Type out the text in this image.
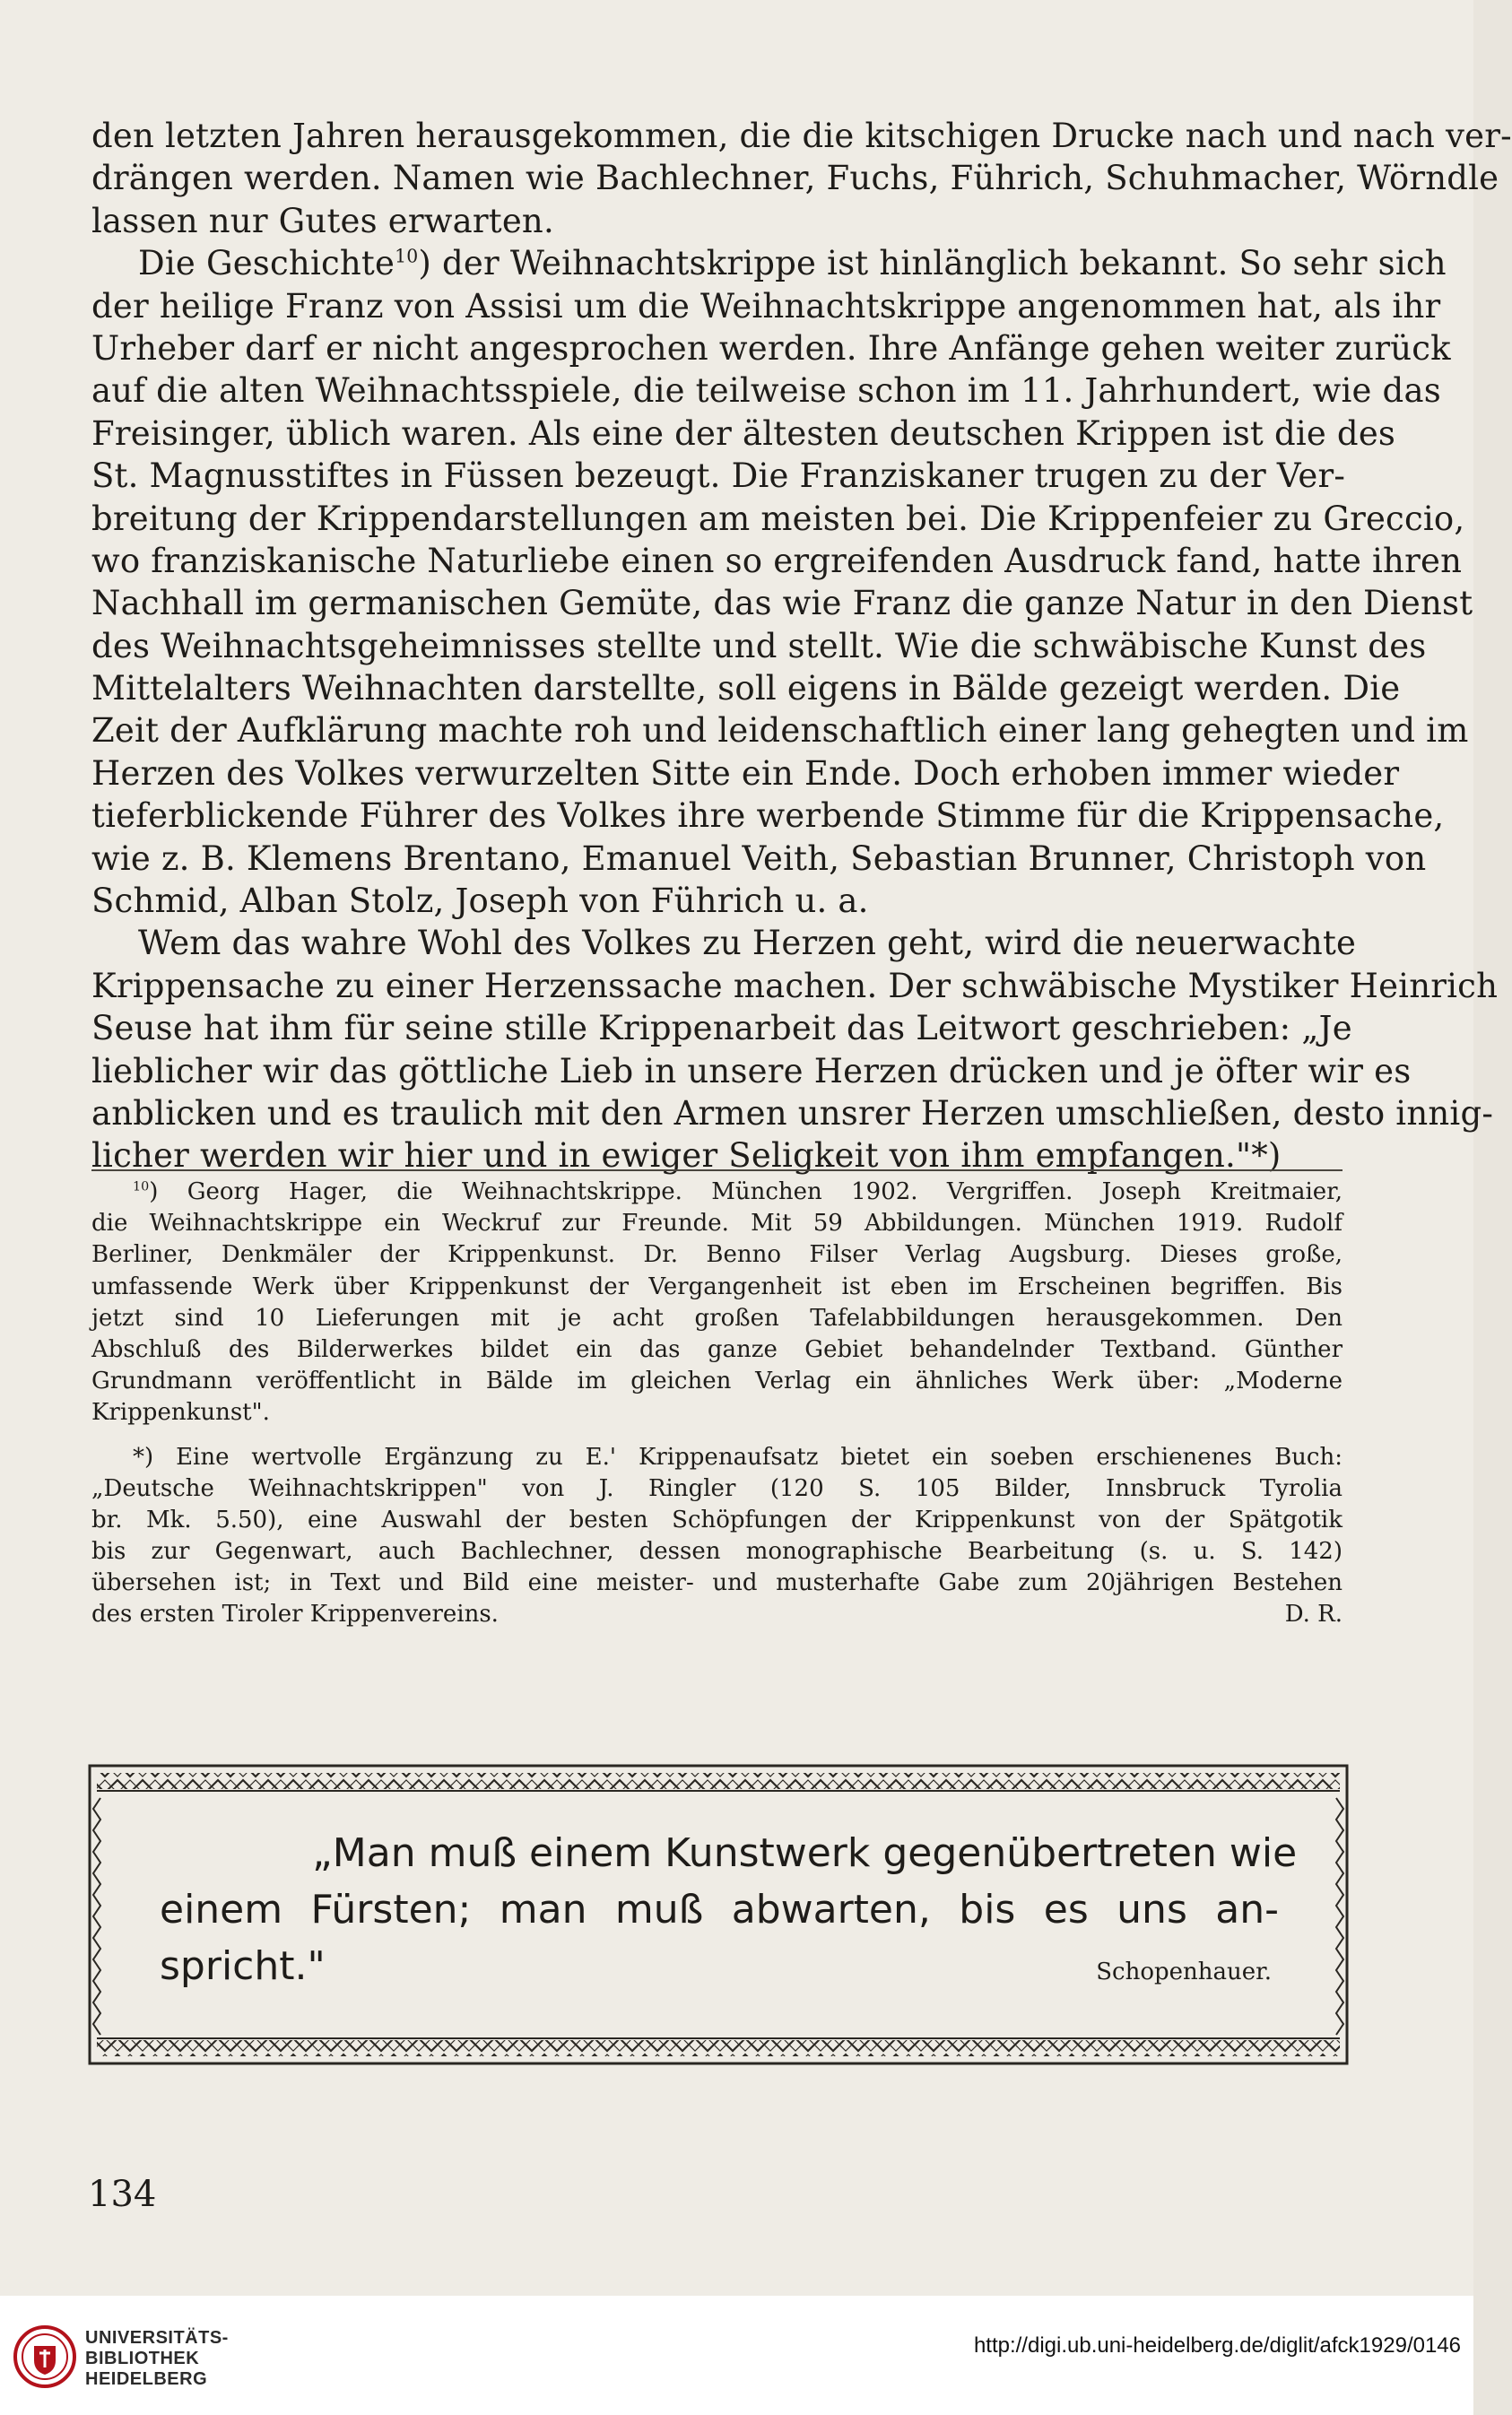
den letzten Jahren herausgekommen, die die kitschigen Drucke nach und nach ver-
drängen werden. Namen wie Bachlechner, Fuchs, Führich, Schuhmacher, Wörndle
lassen nur Gutes erwarten.
Die Geschichte$^{10}$) der Weihnachtskrippe ist hinlänglich bekannt. So sehr sich
der heilige Franz von Assisi um die Weihnachtskrippe angenommen hat, als ihr
Urheber darf er nicht angesprochen werden. Ihre Anfänge gehen weiter zurück
auf die alten Weihnachtsspiele, die teilweise schon im 11. Jahrhundert, wie das
Freisinger, üblich waren. Als eine der ältesten deutschen Krippen ist die des
St. Magnusstiftes in Füssen bezeugt. Die Franziskaner trugen zu der Ver-
breitung der Krippendarstellungen am meisten bei. Die Krippenfeier zu Greccio,
wo franziskanische Naturliebe einen so ergreifenden Ausdruck fand, hatte ihren
Nachhall im germanischen Gemüte, das wie Franz die ganze Natur in den Dienst
des Weihnachtsgeheimnisses stellte und stellt. Wie die schwäbische Kunst des
Mittelalters Weihnachten darstellte, soll eigens in Bälde gezeigt werden. Die
Zeit der Aufklärung machte roh und leidenschaftlich einer lang gehegten und im
Herzen des Volkes verwurzelten Sitte ein Ende. Doch erhoben immer wieder
tieferblickende Führer des Volkes ihre werbende Stimme für die Krippensache,
wie z. B. Klemens Brentano, Emanuel Veith, Sebastian Brunner, Christoph von
Schmid, Alban Stolz, Joseph von Führich u. a.
Wem das wahre Wohl des Volkes zu Herzen geht, wird die neuerwachte
Krippensache zu einer Herzenssache machen. Der schwäbische Mystiker Heinrich
Seuse hat ihm für seine stille Krippenarbeit das Leitwort geschrieben: „Je
lieblicher wir das göttliche Lieb in unsere Herzen drücken und je öfter wir es
anblicken und es traulich mit den Armen unsrer Herzen umschließen, desto innig-
licher werden wir hier und in ewiger Seligkeit von ihm empfangen."*)
$^{10}$) Georg Hager, die Weihnachtskrippe. München 1902. Vergriffen. Joseph Kreitmaier,
die Weihnachtskrippe ein Weckruf zur Freunde. Mit 59 Abbildungen. München 1919. Rudolf
Berliner, Denkmäler der Krippenkunst. Dr. Benno Filser Verlag Augsburg. Dieses große,
umfassende Werk über Krippenkunst der Vergangenheit ist eben im Erscheinen begriffen. Bis
jetzt sind 10 Lieferungen mit je acht großen Tafelabbildungen herausgekommen. Den
Abschluß des Bilderwerkes bildet ein das ganze Gebiet behandelnder Textband. Günther
Grundmann veröffentlicht in Bälde im gleichen Verlag ein ähnliches Werk über: „Moderne
Krippenkunst".
*) Eine wertvolle Ergänzung zu E.' Krippenaufsatz bietet ein soeben erschienenes Buch:
„Deutsche Weihnachtskrippen" von J. Ringler (120 S. 105 Bilder, Innsbruck Tyrolia
br. Mk. 5.50), eine Auswahl der besten Schöpfungen der Krippenkunst von der Spätgotik
bis zur Gegenwart, auch Bachlechner, dessen monographische Bearbeitung (s. u. S. 142)
übersehen ist; in Text und Bild eine meister- und musterhafte Gabe zum 20jährigen Bestehen
des ersten Tiroler Krippenvereins.	D. R.
„Man muß einem Kunstwerk gegenübertreten wie
einem Fürsten; man muß abwarten, bis es uns an-
spricht."	Schopenhauer.
134
UNIVERSITÄTS-
BIBLIOTHEK
HEIDELBERG
http://digi.ub.uni-heidelberg.de/diglit/afck1929/0146
